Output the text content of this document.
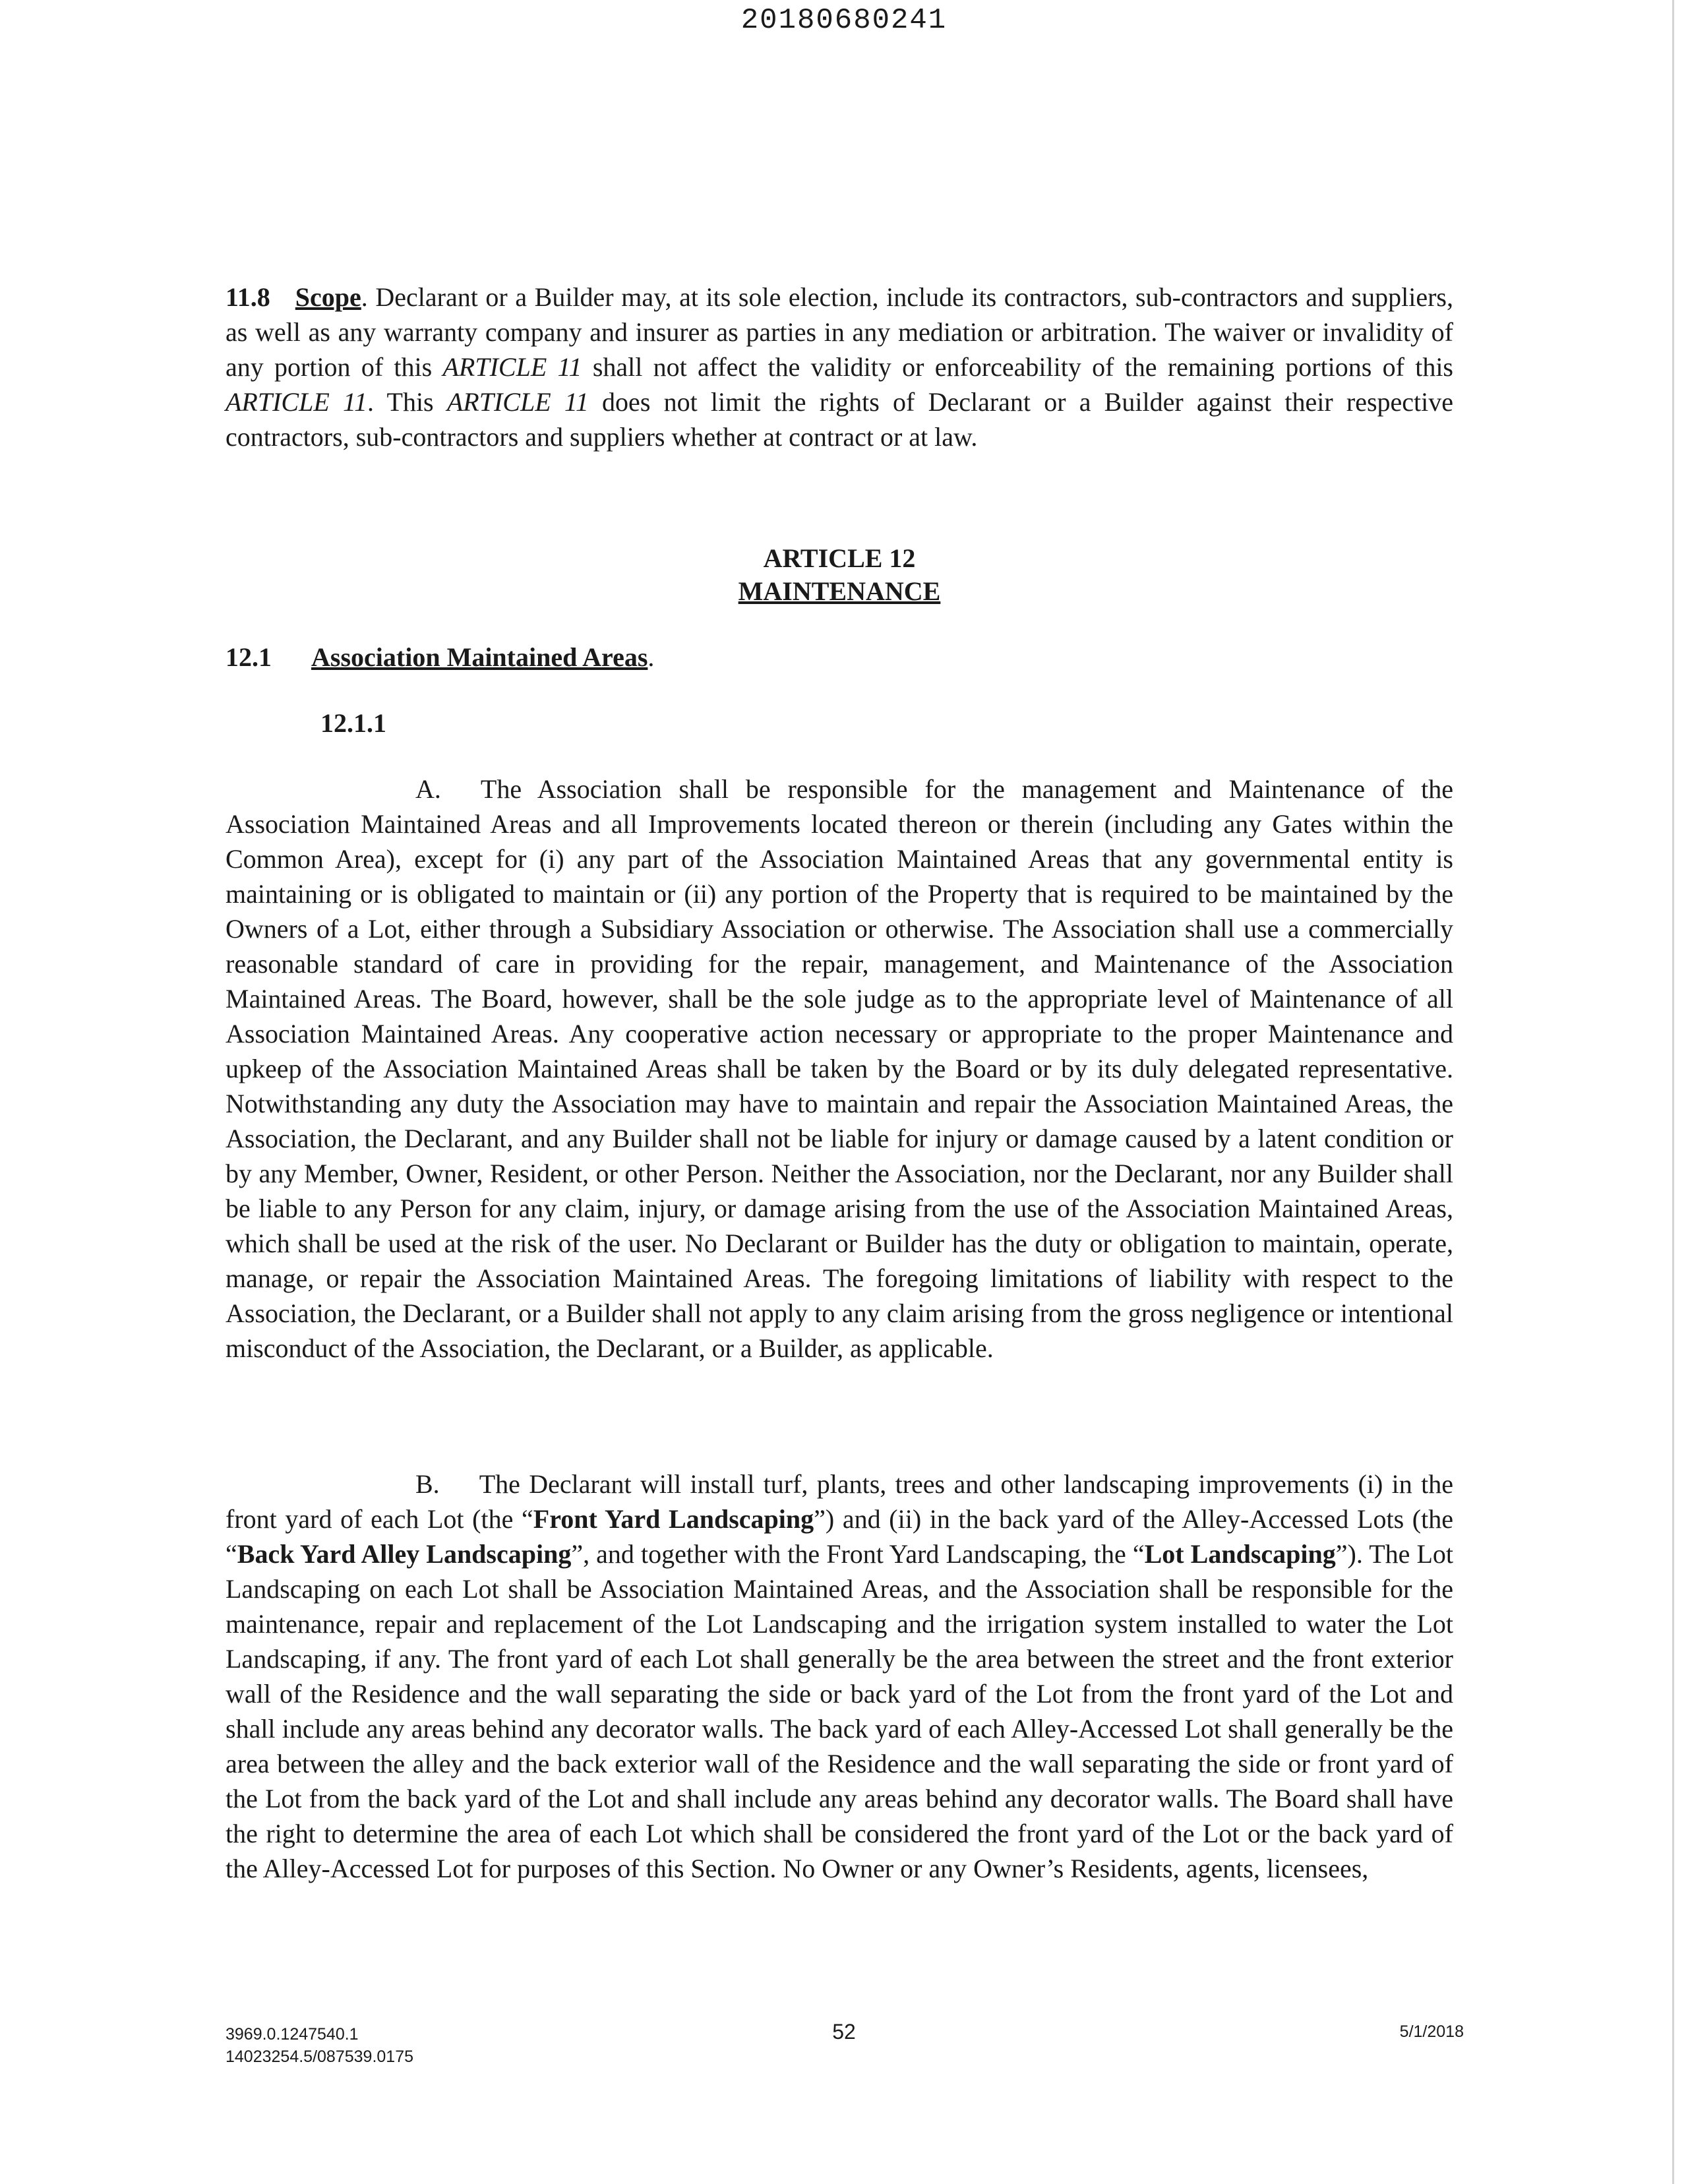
20180680241

11.8 Scope. Declarant or a Builder may, at its sole election, include its contractors, sub-contractors and suppliers, as well as any warranty company and insurer as parties in any mediation or arbitration. The waiver or invalidity of any portion of this ARTICLE 11 shall not affect the validity or enforceability of the remaining portions of this ARTICLE 11. This ARTICLE 11 does not limit the rights of Declarant or a Builder against their respective contractors, sub-contractors and suppliers whether at contract or at law.

ARTICLE 12
MAINTENANCE

12.1 Association Maintained Areas.

12.1.1

A. The Association shall be responsible for the management and Maintenance of the Association Maintained Areas and all Improvements located thereon or therein (including any Gates within the Common Area), except for (i) any part of the Association Maintained Areas that any governmental entity is maintaining or is obligated to maintain or (ii) any portion of the Property that is required to be maintained by the Owners of a Lot, either through a Subsidiary Association or otherwise. The Association shall use a commercially reasonable standard of care in providing for the repair, management, and Maintenance of the Association Maintained Areas. The Board, however, shall be the sole judge as to the appropriate level of Maintenance of all Association Maintained Areas. Any cooperative action necessary or appropriate to the proper Maintenance and upkeep of the Association Maintained Areas shall be taken by the Board or by its duly delegated representative. Notwithstanding any duty the Association may have to maintain and repair the Association Maintained Areas, the Association, the Declarant, and any Builder shall not be liable for injury or damage caused by a latent condition or by any Member, Owner, Resident, or other Person. Neither the Association, nor the Declarant, nor any Builder shall be liable to any Person for any claim, injury, or damage arising from the use of the Association Maintained Areas, which shall be used at the risk of the user. No Declarant or Builder has the duty or obligation to maintain, operate, manage, or repair the Association Maintained Areas. The foregoing limitations of liability with respect to the Association, the Declarant, or a Builder shall not apply to any claim arising from the gross negligence or intentional misconduct of the Association, the Declarant, or a Builder, as applicable.

B. The Declarant will install turf, plants, trees and other landscaping improvements (i) in the front yard of each Lot (the “Front Yard Landscaping”) and (ii) in the back yard of the Alley-Accessed Lots (the “Back Yard Alley Landscaping”, and together with the Front Yard Landscaping, the “Lot Landscaping”). The Lot Landscaping on each Lot shall be Association Maintained Areas, and the Association shall be responsible for the maintenance, repair and replacement of the Lot Landscaping and the irrigation system installed to water the Lot Landscaping, if any. The front yard of each Lot shall generally be the area between the street and the front exterior wall of the Residence and the wall separating the side or back yard of the Lot from the front yard of the Lot and shall include any areas behind any decorator walls. The back yard of each Alley-Accessed Lot shall generally be the area between the alley and the back exterior wall of the Residence and the wall separating the side or front yard of the Lot from the back yard of the Lot and shall include any areas behind any decorator walls. The Board shall have the right to determine the area of each Lot which shall be considered the front yard of the Lot or the back yard of the Alley-Accessed Lot for purposes of this Section. No Owner or any Owner’s Residents, agents, licensees,

3969.0.1247540.1
14023254.5/087539.0175
52	5/1/2018
